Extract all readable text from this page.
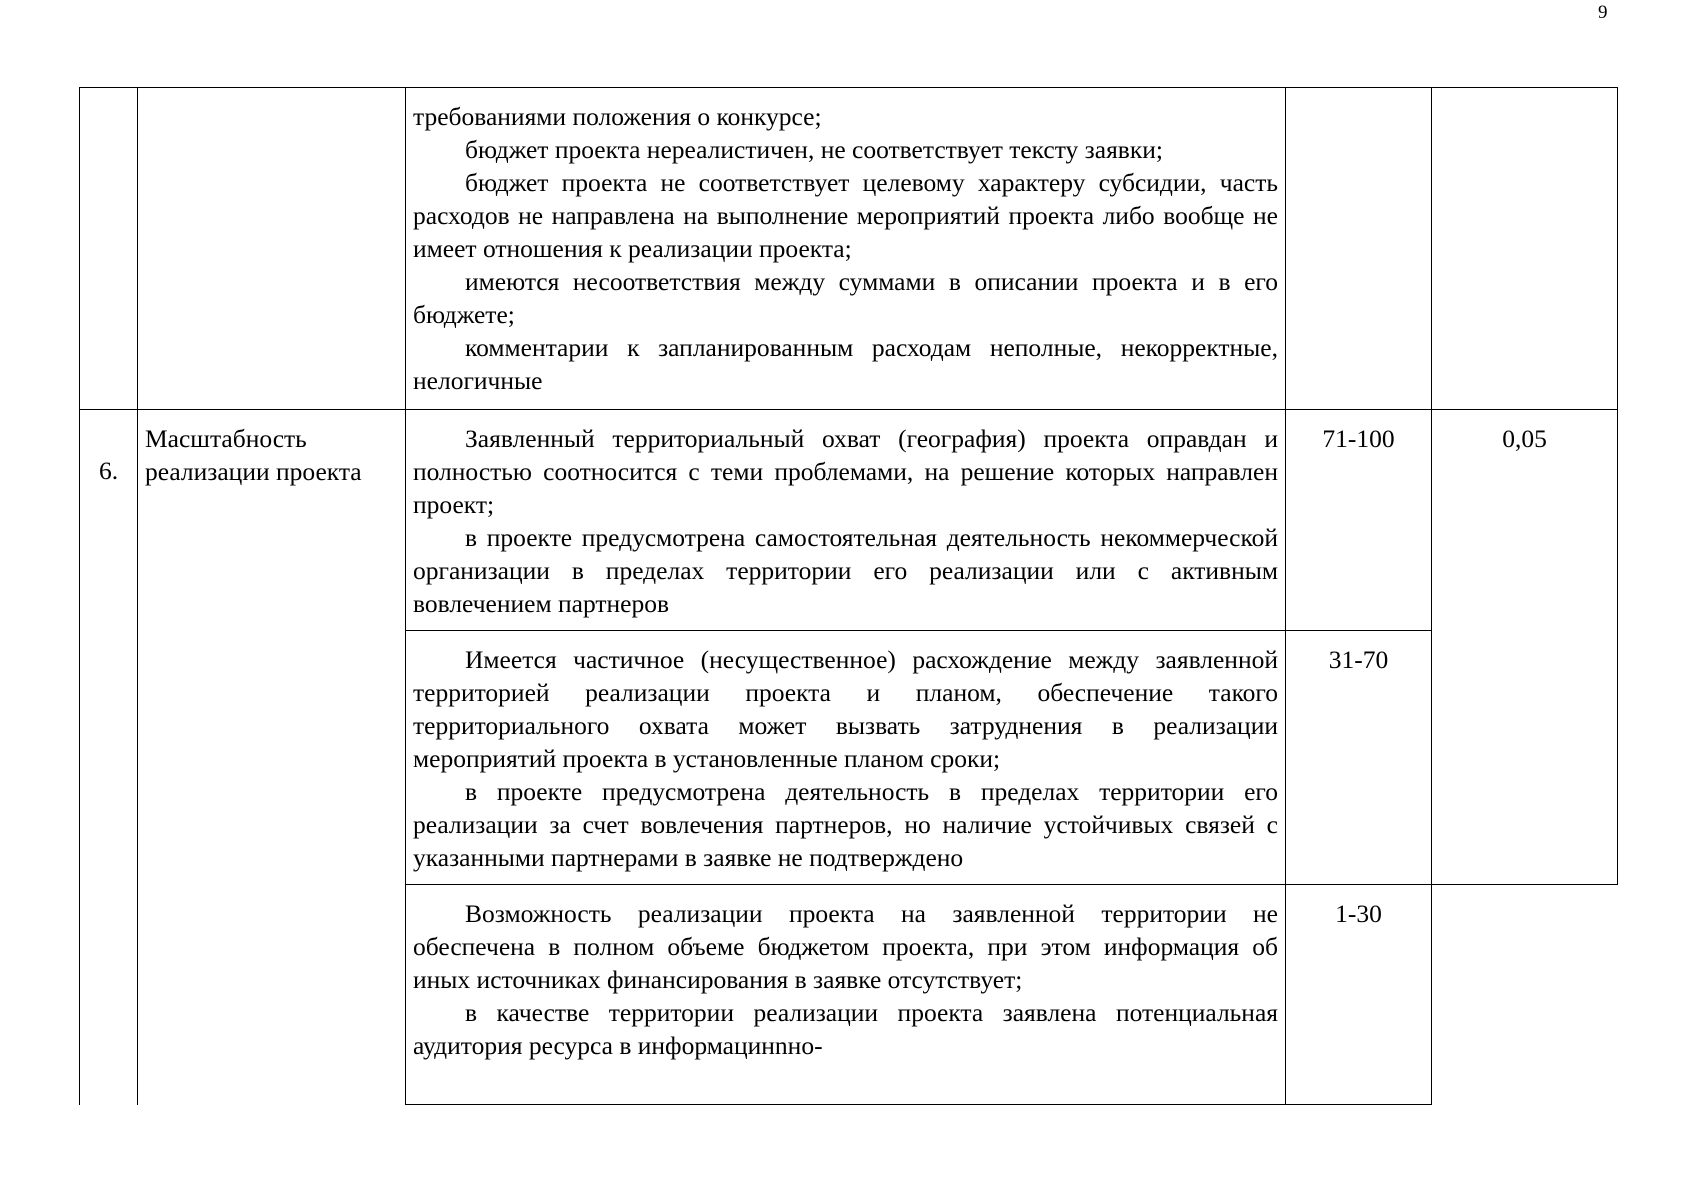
9

		требованиями положения о конкурсе;

бюджет проекта нереалистичен, не соответствует тексту заявки;

бюджет проекта не соответствует целевому характеру субсидии, часть расходов не направлена на выполнение мероприятий проекта либо вообще не имеет отношения к реализации проекта;

имеются несоответствия между суммами в описании проекта и в его бюджете;

комментарии к запланированным расходам неполные, некорректные, нелогичные		

6.	Масштабность реализации проекта	Заявленный территориальный охват (география) проекта оправдан и полностью соотносится с теми проблемами, на решение которых направлен проект;

в проекте предусмотрена самостоятельная деятельность некоммерческой организации в пределах территории его реализации или с активным вовлечением партнеров	71-100	0,05

		Имеется частичное (несущественное) расхождение между заявленной территорией реализации проекта и планом, обеспечение такого территориального охвата может вызвать затруднения в реализации мероприятий проекта в установленные планом сроки;

в проекте предусмотрена деятельность в пределах территории его реализации за счет вовлечения партнеров, но наличие устойчивых связей с указанными партнерами в заявке не подтверждено	31-70	

		Возможность реализации проекта на заявленной территории не обеспечена в полном объеме бюджетом проекта, при этом информация об иных источниках финансирования в заявке отсутствует;

в качестве территории реализации проекта заявлена потенциальная аудитория ресурса в информацинnно-	1-30	
